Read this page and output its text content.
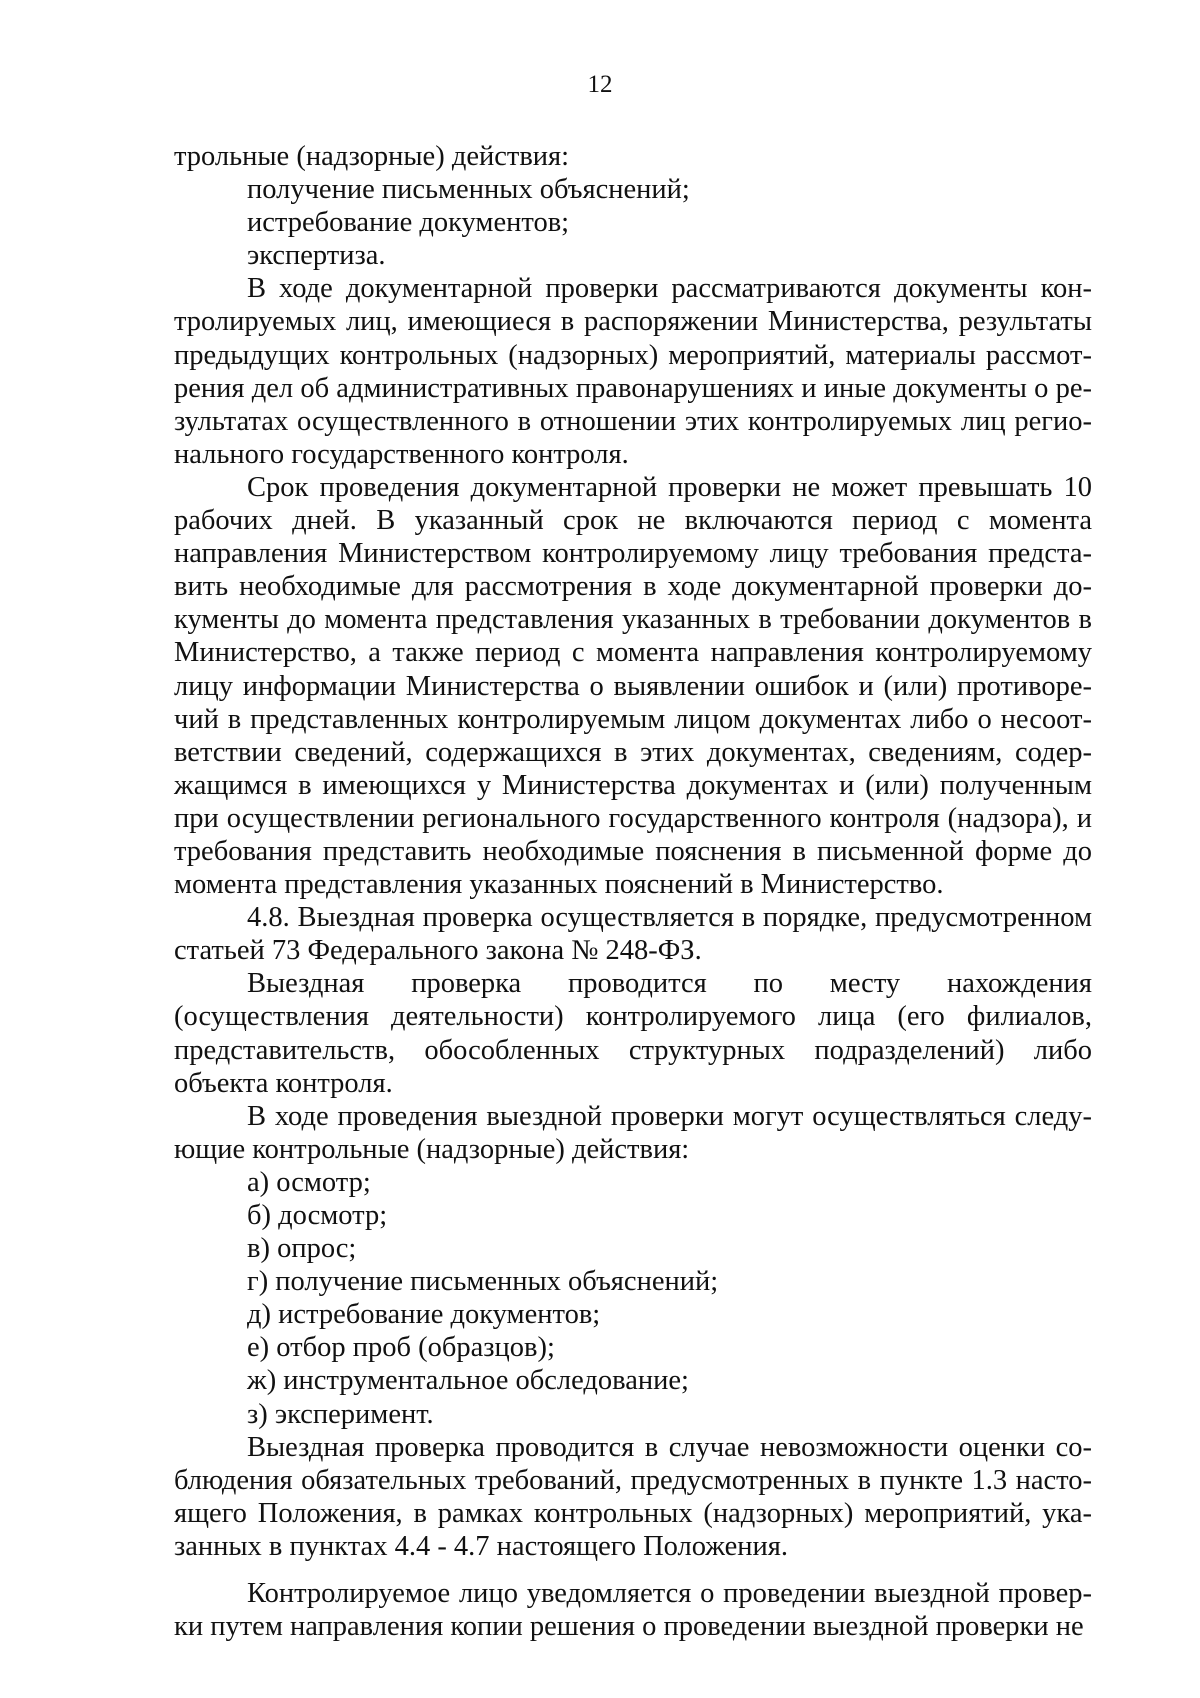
12

трольные (надзорные) действия:

получение письменных объяснений;

истребование документов;

экспертиза.

В ходе документарной проверки рассматриваются документы контролируемых лиц, имеющиеся в распоряжении Министерства, результаты предыдущих контрольных (надзорных) мероприятий, материалы рассмотрения дел об административных правонарушениях и иные документы о результатах осуществленного в отношении этих контролируемых лиц регионального государственного контроля.

Срок проведения документарной проверки не может превышать 10 рабочих дней. В указанный срок не включаются период с момента направления Министерством контролируемому лицу требования представить необходимые для рассмотрения в ходе документарной проверки документы до момента представления указанных в требовании документов в Министерство, а также период с момента направления контролируемому лицу информации Министерства о выявлении ошибок и (или) противоречий в представленных контролируемым лицом документах либо о несоответствии сведений, содержащихся в этих документах, сведениям, содержащимся в имеющихся у Министерства документах и (или) полученным при осуществлении регионального государственного контроля (надзора), и требования представить необходимые пояснения в письменной форме до момента представления указанных пояснений в Министерство.

4.8. Выездная проверка осуществляется в порядке, предусмотренном статьей 73 Федерального закона № 248-ФЗ.

Выездная проверка проводится по месту нахождения (осуществления деятельности) контролируемого лица (его филиалов, представительств, обособленных структурных подразделений) либо объекта контроля.

В ходе проведения выездной проверки могут осуществляться следующие контрольные (надзорные) действия:

а) осмотр;

б) досмотр;

в) опрос;

г) получение письменных объяснений;

д) истребование документов;

е) отбор проб (образцов);

ж) инструментальное обследование;

з) эксперимент.

Выездная проверка проводится в случае невозможности оценки соблюдения обязательных требований, предусмотренных в пункте 1.3 настоящего Положения, в рамках контрольных (надзорных) мероприятий, указанных в пунктах 4.4 - 4.7 настоящего Положения.

Контролируемое лицо уведомляется о проведении выездной проверки путем направления копии решения о проведении выездной проверки не
